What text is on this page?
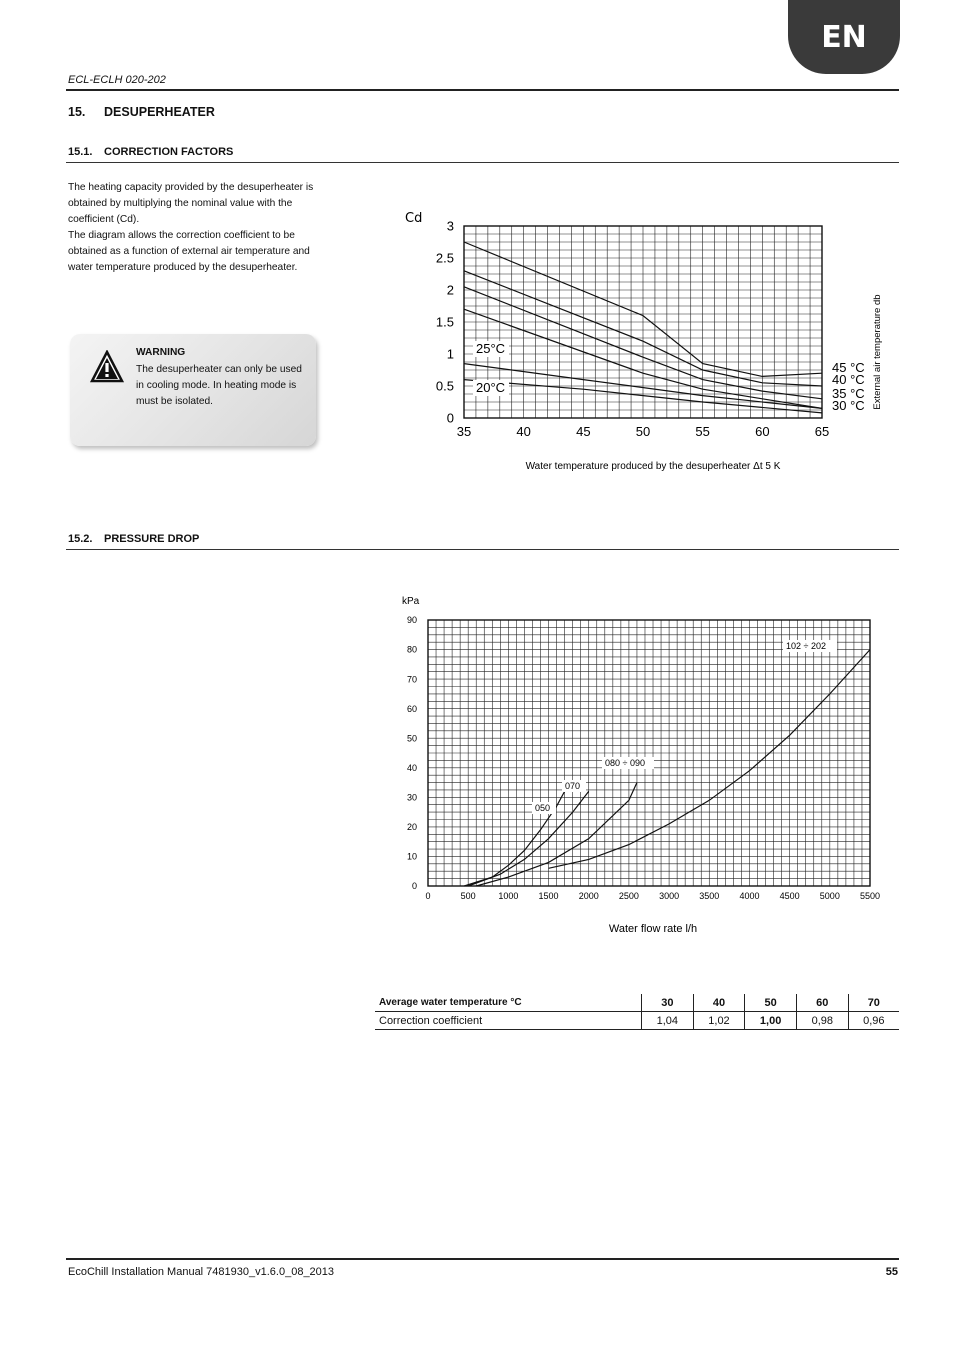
EN
ECL-ECLH 020-202
15. DESUPERHEATER
15.1. CORRECTION FACTORS

The heating capacity provided by the desuperheater is obtained by multiplying the nominal value with the coefficient (Cd).

The diagram allows the correction coefficient to be obtained as a function of external air temperature and water temperature produced by the desuperheater.

WARNING
The desuperheater can only be used in cooling mode. In heating mode is must be isolated.
35	40	45	50	55	60	65
0
0.5
1
1.5
2
2.5
3
Cd
Water temperature produced by the desuperheater Δt 5 K
External air temperature db
45 °C
40 °C
35 °C
30 °C
25°C
20°C
15.2. PRESSURE DROP
0	500	1000 1500 2000 2500 3000 3500 4000 4500 5000 5500
0
10
20
30
40
50
60
70
80
90
kPa
Water flow rate l/h
050
070
080 ÷ 090
102 ÷ 202
Average water temperature °C	30	40	50	60	70
Correction coefficient	1,04	1,02	1,00	0,98	0,96
EcoChill Installation Manual 7481930_v1.6.0_08_2013	55
